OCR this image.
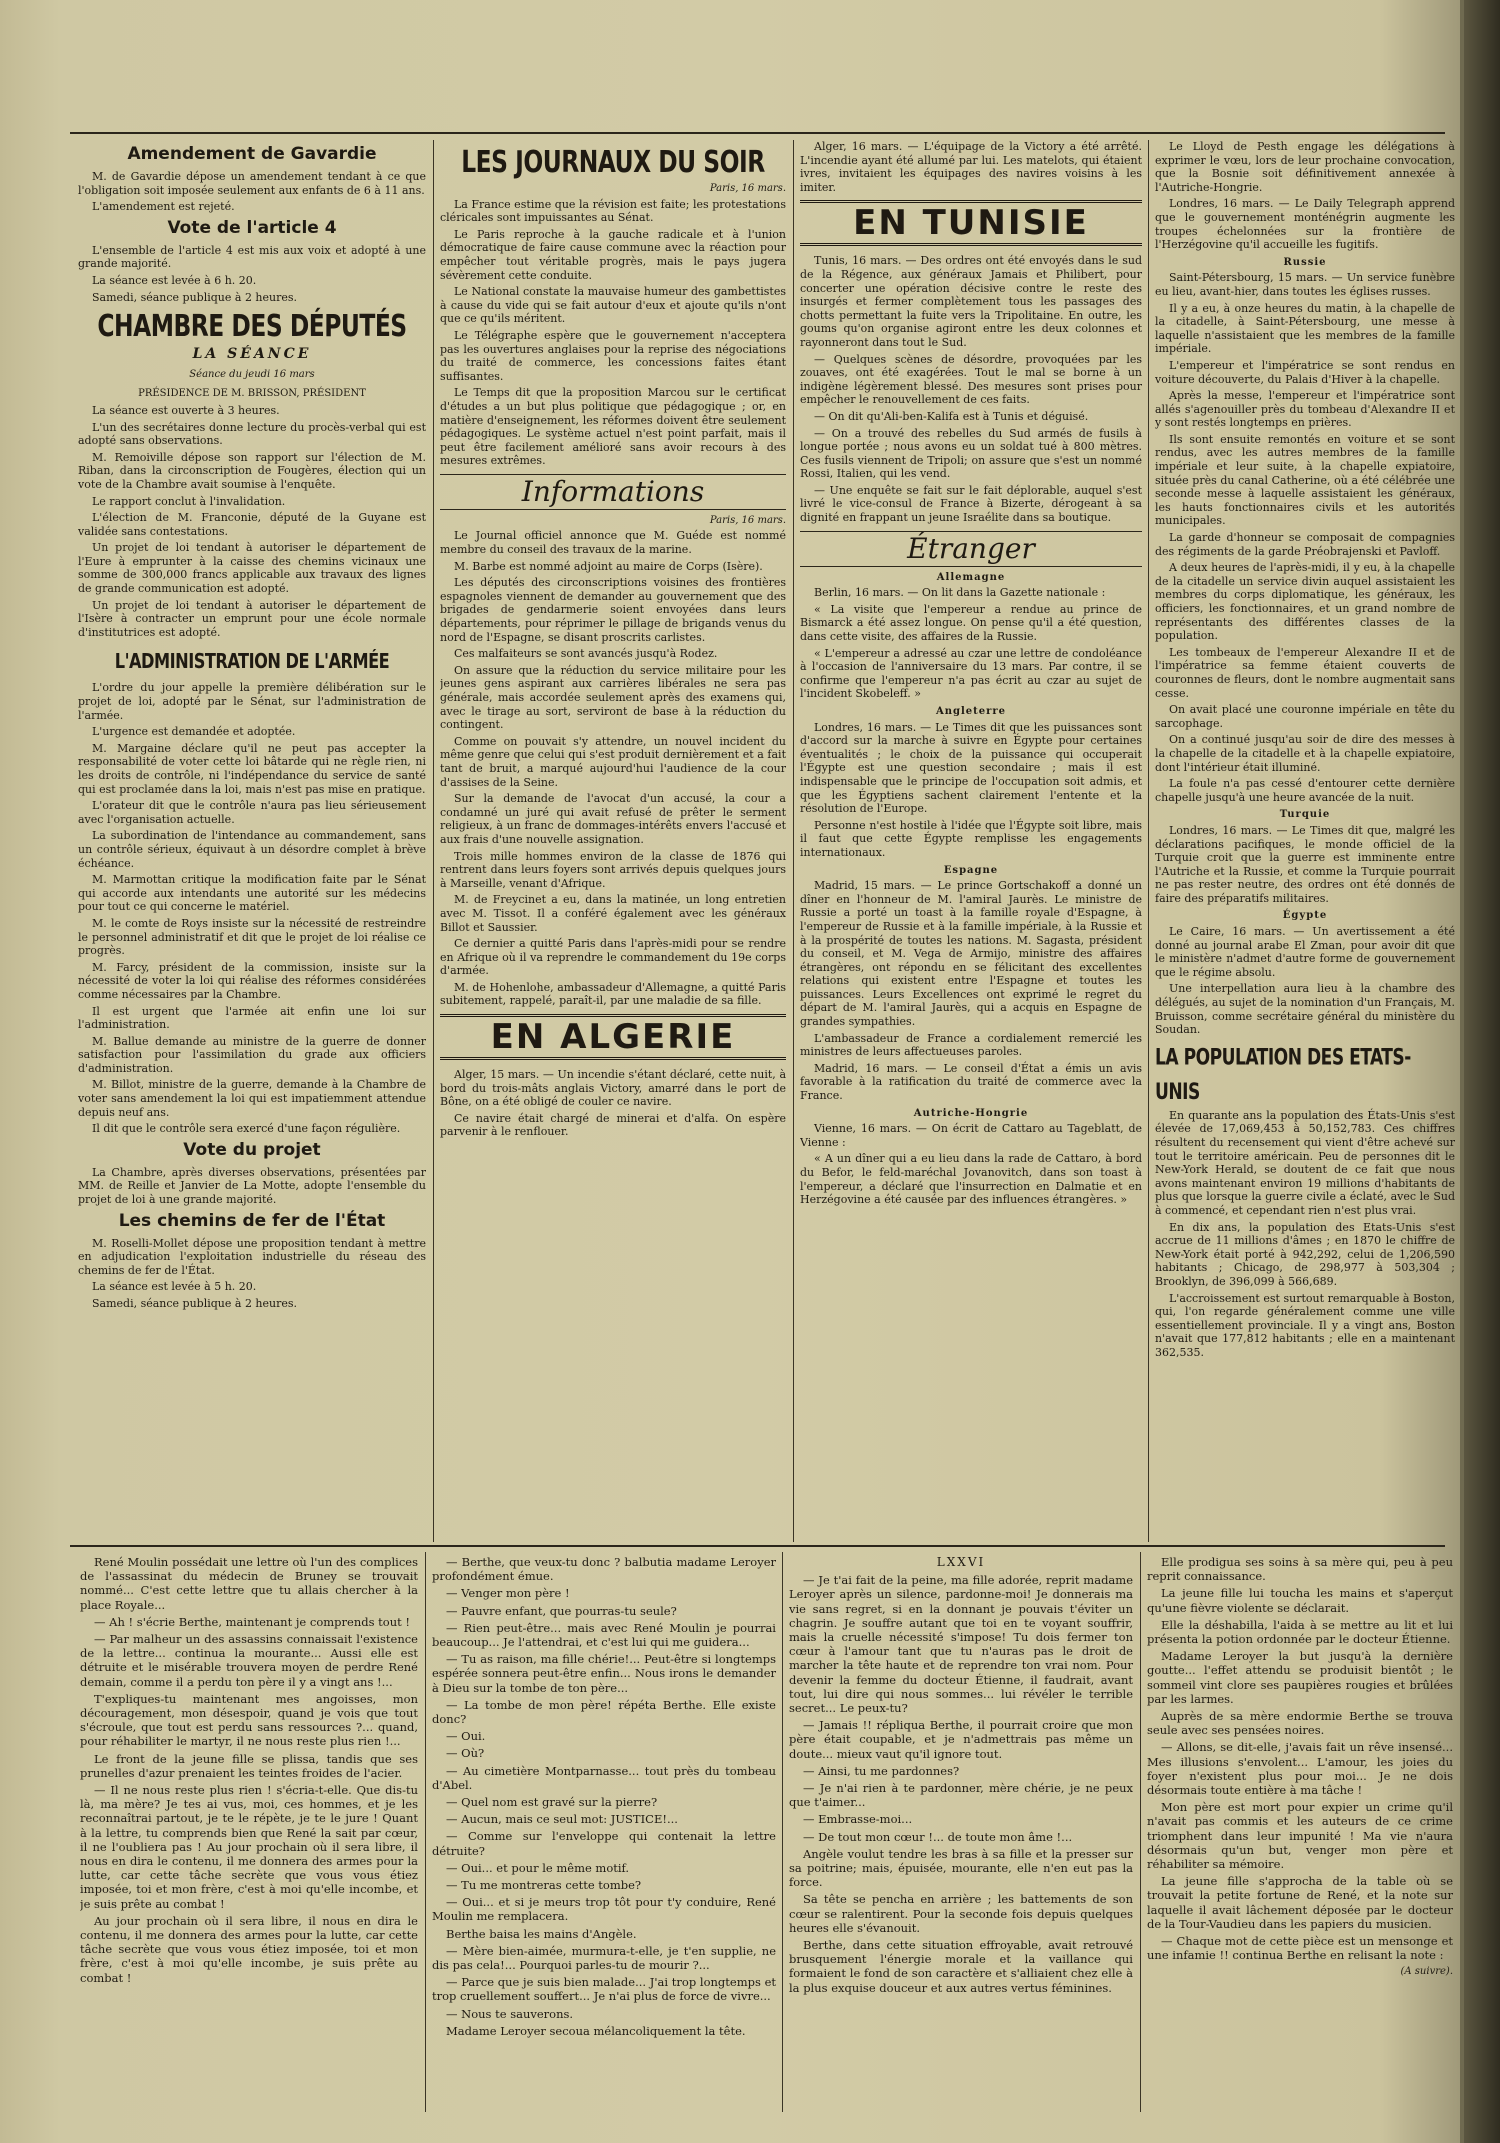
Amendement de Gavardie

M. de Gavardie dépose un amendement tendant à ce que l'obligation soit imposée seulement aux enfants de 6 à 11 ans.

L'amendement est rejeté.

Vote de l'article 4

L'ensemble de l'article 4 est mis aux voix et adopté à une grande majorité.

La séance est levée à 6 h. 20.

Samedi, séance publique à 2 heures.

CHAMBRE DES DÉPUTÉS
LA SÉANCE
Séance du jeudi 16 mars

PRÉSIDENCE DE M. BRISSON, PRÉSIDENT

La séance est ouverte à 3 heures.

L'un des secrétaires donne lecture du procès-verbal qui est adopté sans observations.

M. Remoiville dépose son rapport sur l'élection de M. Riban, dans la circonscription de Fougères, élection qui un vote de la Chambre avait soumise à l'enquête.

Le rapport conclut à l'invalidation.

L'élection de M. Franconie, député de la Guyane est validée sans contestations.

Un projet de loi tendant à autoriser le département de l'Eure à emprunter à la caisse des chemins vicinaux une somme de 300,000 francs applicable aux travaux des lignes de grande communication est adopté.

Un projet de loi tendant à autoriser le département de l'Isère à contracter un emprunt pour une école normale d'institutrices est adopté.

L'ADMINISTRATION DE L'ARMÉE

L'ordre du jour appelle la première délibération sur le projet de loi, adopté par le Sénat, sur l'administration de l'armée.

L'urgence est demandée et adoptée.

M. Margaine déclare qu'il ne peut pas accepter la responsabilité de voter cette loi bâtarde qui ne règle rien, ni les droits de contrôle, ni l'indépendance du service de santé qui est proclamée dans la loi, mais n'est pas mise en pratique.

L'orateur dit que le contrôle n'aura pas lieu sérieusement avec l'organisation actuelle.

La subordination de l'intendance au commandement, sans un contrôle sérieux, équivaut à un désordre complet à brève échéance.

M. Marmottan critique la modification faite par le Sénat qui accorde aux intendants une autorité sur les médecins pour tout ce qui concerne le matériel.

M. le comte de Roys insiste sur la nécessité de restreindre le personnel administratif et dit que le projet de loi réalise ce progrès.

M. Farcy, président de la commission, insiste sur la nécessité de voter la loi qui réalise des réformes considérées comme nécessaires par la Chambre.

Il est urgent que l'armée ait enfin une loi sur l'administration.

M. Ballue demande au ministre de la guerre de donner satisfaction pour l'assimilation du grade aux officiers d'administration.

M. Billot, ministre de la guerre, demande à la Chambre de voter sans amendement la loi qui est impatiemment attendue depuis neuf ans.

Il dit que le contrôle sera exercé d'une façon régulière.

Vote du projet

La Chambre, après diverses observations, présentées par MM. de Reille et Janvier de La Motte, adopte l'ensemble du projet de loi à une grande majorité.

Les chemins de fer de l'État

M. Roselli-Mollet dépose une proposition tendant à mettre en adjudication l'exploitation industrielle du réseau des chemins de fer de l'État.

La séance est levée à 5 h. 20.

Samedi, séance publique à 2 heures.

LES JOURNAUX DU SOIR
Paris, 16 mars.

La France estime que la révision est faite; les protestations cléricales sont impuissantes au Sénat.

Le Paris reproche à la gauche radicale et à l'union démocratique de faire cause commune avec la réaction pour empêcher tout véritable progrès, mais le pays jugera sévèrement cette conduite.

Le National constate la mauvaise humeur des gambettistes à cause du vide qui se fait autour d'eux et ajoute qu'ils n'ont que ce qu'ils méritent.

Le Télégraphe espère que le gouvernement n'acceptera pas les ouvertures anglaises pour la reprise des négociations du traité de commerce, les concessions faites étant suffisantes.

Le Temps dit que la proposition Marcou sur le certificat d'études a un but plus politique que pédagogique ; or, en matière d'enseignement, les réformes doivent être seulement pédagogiques. Le système actuel n'est point parfait, mais il peut être facilement amélioré sans avoir recours à des mesures extrêmes.

Informations
Paris, 16 mars.

Le Journal officiel annonce que M. Guéde est nommé membre du conseil des travaux de la marine.

M. Barbe est nommé adjoint au maire de Corps (Isère).

Les députés des circonscriptions voisines des frontières espagnoles viennent de demander au gouvernement que des brigades de gendarmerie soient envoyées dans leurs départements, pour réprimer le pillage de brigands venus du nord de l'Espagne, se disant proscrits carlistes.

Ces malfaiteurs se sont avancés jusqu'à Rodez.

On assure que la réduction du service militaire pour les jeunes gens aspirant aux carrières libérales ne sera pas générale, mais accordée seulement après des examens qui, avec le tirage au sort, serviront de base à la réduction du contingent.

Comme on pouvait s'y attendre, un nouvel incident du même genre que celui qui s'est produit dernièrement et a fait tant de bruit, a marqué aujourd'hui l'audience de la cour d'assises de la Seine.

Sur la demande de l'avocat d'un accusé, la cour a condamné un juré qui avait refusé de prêter le serment religieux, à un franc de dommages-intérêts envers l'accusé et aux frais d'une nouvelle assignation.

Trois mille hommes environ de la classe de 1876 qui rentrent dans leurs foyers sont arrivés depuis quelques jours à Marseille, venant d'Afrique.

M. de Freycinet a eu, dans la matinée, un long entretien avec M. Tissot. Il a conféré également avec les généraux Billot et Saussier.

Ce dernier a quitté Paris dans l'après-midi pour se rendre en Afrique où il va reprendre le commandement du 19e corps d'armée.

M. de Hohenlohe, ambassadeur d'Allemagne, a quitté Paris subitement, rappelé, paraît-il, par une maladie de sa fille.

EN ALGERIE

Alger, 15 mars. — Un incendie s'étant déclaré, cette nuit, à bord du trois-mâts anglais Victory, amarré dans le port de Bône, on a été obligé de couler ce navire.

Ce navire était chargé de minerai et d'alfa. On espère parvenir à le renflouer.

Alger, 16 mars. — L'équipage de la Victory a été arrêté. L'incendie ayant été allumé par lui. Les matelots, qui étaient ivres, invitaient les équipages des navires voisins à les imiter.

EN TUNISIE

Tunis, 16 mars. — Des ordres ont été envoyés dans le sud de la Régence, aux généraux Jamais et Philibert, pour concerter une opération décisive contre le reste des insurgés et fermer complètement tous les passages des chotts permettant la fuite vers la Tripolitaine. En outre, les goums qu'on organise agiront entre les deux colonnes et rayonneront dans tout le Sud.

— Quelques scènes de désordre, provoquées par les zouaves, ont été exagérées. Tout le mal se borne à un indigène légèrement blessé. Des mesures sont prises pour empêcher le renouvellement de ces faits.

— On dit qu'Ali-ben-Kalifa est à Tunis et déguisé.

— On a trouvé des rebelles du Sud armés de fusils à longue portée ; nous avons eu un soldat tué à 800 mètres. Ces fusils viennent de Tripoli; on assure que s'est un nommé Rossi, Italien, qui les vend.

— Une enquête se fait sur le fait déplorable, auquel s'est livré le vice-consul de France à Bizerte, dérogeant à sa dignité en frappant un jeune Israélite dans sa boutique.

Étranger
Allemagne

Berlin, 16 mars. — On lit dans la Gazette nationale :

« La visite que l'empereur a rendue au prince de Bismarck a été assez longue. On pense qu'il a été question, dans cette visite, des affaires de la Russie.

« L'empereur a adressé au czar une lettre de condoléance à l'occasion de l'anniversaire du 13 mars. Par contre, il se confirme que l'empereur n'a pas écrit au czar au sujet de l'incident Skobeleff. »

Angleterre

Londres, 16 mars. — Le Times dit que les puissances sont d'accord sur la marche à suivre en Égypte pour certaines éventualités ; le choix de la puissance qui occuperait l'Égypte est une question secondaire ; mais il est indispensable que le principe de l'occupation soit admis, et que les Égyptiens sachent clairement l'entente et la résolution de l'Europe.

Personne n'est hostile à l'idée que l'Égypte soit libre, mais il faut que cette Égypte remplisse les engagements internationaux.

Espagne

Madrid, 15 mars. — Le prince Gortschakoff a donné un dîner en l'honneur de M. l'amiral Jaurès. Le ministre de Russie a porté un toast à la famille royale d'Espagne, à l'empereur de Russie et à la famille impériale, à la Russie et à la prospérité de toutes les nations. M. Sagasta, président du conseil, et M. Vega de Armijo, ministre des affaires étrangères, ont répondu en se félicitant des excellentes relations qui existent entre l'Espagne et toutes les puissances. Leurs Excellences ont exprimé le regret du départ de M. l'amiral Jaurès, qui a acquis en Espagne de grandes sympathies.

L'ambassadeur de France a cordialement remercié les ministres de leurs affectueuses paroles.

Madrid, 16 mars. — Le conseil d'État a émis un avis favorable à la ratification du traité de commerce avec la France.

Autriche-Hongrie

Vienne, 16 mars. — On écrit de Cattaro au Tageblatt, de Vienne :

« A un dîner qui a eu lieu dans la rade de Cattaro, à bord du Befor, le feld-maréchal Jovanovitch, dans son toast à l'empereur, a déclaré que l'insurrection en Dalmatie et en Herzégovine a été causée par des influences étrangères. »

Le Lloyd de Pesth engage les délégations à exprimer le vœu, lors de leur prochaine convocation, que la Bosnie soit définitivement annexée à l'Autriche-Hongrie.

Londres, 16 mars. — Le Daily Telegraph apprend que le gouvernement monténégrin augmente les troupes échelonnées sur la frontière de l'Herzégovine qu'il accueille les fugitifs.

Russie

Saint-Pétersbourg, 15 mars. — Un service funèbre eu lieu, avant-hier, dans toutes les églises russes.

Il y a eu, à onze heures du matin, à la chapelle de la citadelle, à Saint-Pétersbourg, une messe à laquelle n'assistaient que les membres de la famille impériale.

L'empereur et l'impératrice se sont rendus en voiture découverte, du Palais d'Hiver à la chapelle.

Après la messe, l'empereur et l'impératrice sont allés s'agenouiller près du tombeau d'Alexandre II et y sont restés longtemps en prières.

Ils sont ensuite remontés en voiture et se sont rendus, avec les autres membres de la famille impériale et leur suite, à la chapelle expiatoire, située près du canal Catherine, où a été célébrée une seconde messe à laquelle assistaient les généraux, les hauts fonctionnaires civils et les autorités municipales.

La garde d'honneur se composait de compagnies des régiments de la garde Préobrajenski et Pavloff.

A deux heures de l'après-midi, il y eu, à la chapelle de la citadelle un service divin auquel assistaient les membres du corps diplomatique, les généraux, les officiers, les fonctionnaires, et un grand nombre de représentants des différentes classes de la population.

Les tombeaux de l'empereur Alexandre II et de l'impératrice sa femme étaient couverts de couronnes de fleurs, dont le nombre augmentait sans cesse.

On avait placé une couronne impériale en tête du sarcophage.

On a continué jusqu'au soir de dire des messes à la chapelle de la citadelle et à la chapelle expiatoire, dont l'intérieur était illuminé.

La foule n'a pas cessé d'entourer cette dernière chapelle jusqu'à une heure avancée de la nuit.

Turquie

Londres, 16 mars. — Le Times dit que, malgré les déclarations pacifiques, le monde officiel de la Turquie croit que la guerre est imminente entre l'Autriche et la Russie, et comme la Turquie pourrait ne pas rester neutre, des ordres ont été donnés de faire des préparatifs militaires.

Égypte

Le Caire, 16 mars. — Un avertissement a été donné au journal arabe El Zman, pour avoir dit que le ministère n'admet d'autre forme de gouvernement que le régime absolu.

Une interpellation aura lieu à la chambre des délégués, au sujet de la nomination d'un Français, M. Bruisson, comme secrétaire général du ministère du Soudan.

LA POPULATION DES ETATS-UNIS

En quarante ans la population des États-Unis s'est élevée de 17,069,453 à 50,152,783. Ces chiffres résultent du recensement qui vient d'être achevé sur tout le territoire américain. Peu de personnes dit le New-York Herald, se doutent de ce fait que nous avons maintenant environ 19 millions d'habitants de plus que lorsque la guerre civile a éclaté, avec le Sud à commencé, et cependant rien n'est plus vrai.

En dix ans, la population des Etats-Unis s'est accrue de 11 millions d'âmes ; en 1870 le chiffre de New-York était porté à 942,292, celui de 1,206,590 habitants ; Chicago, de 298,977 à 503,304 ; Brooklyn, de 396,099 à 566,689.

L'accroissement est surtout remarquable à Boston, qui, l'on regarde généralement comme une ville essentiellement provinciale. Il y a vingt ans, Boston n'avait que 177,812 habitants ; elle en a maintenant 362,535.

René Moulin possédait une lettre où l'un des complices de l'assassinat du médecin de Bruney se trouvait nommé... C'est cette lettre que tu allais chercher à la place Royale...

— Ah ! s'écrie Berthe, maintenant je comprends tout !

— Par malheur un des assassins connaissait l'existence de la lettre... continua la mourante... Aussi elle est détruite et le misérable trouvera moyen de perdre René demain, comme il a perdu ton père il y a vingt ans !...

T'expliques-tu maintenant mes angoisses, mon découragement, mon désespoir, quand je vois que tout s'écroule, que tout est perdu sans ressources ?... quand, pour réhabiliter le martyr, il ne nous reste plus rien !...

Le front de la jeune fille se plissa, tandis que ses prunelles d'azur prenaient les teintes froides de l'acier.

— Il ne nous reste plus rien ! s'écria-t-elle. Que dis-tu là, ma mère? Je tes ai vus, moi, ces hommes, et je les reconnaîtrai partout, je te le répète, je te le jure ! Quant à la lettre, tu comprends bien que René la sait par cœur, il ne l'oubliera pas ! Au jour prochain où il sera libre, il nous en dira le contenu, il me donnera des armes pour la lutte, car cette tâche secrète que vous vous étiez imposée, toi et mon frère, c'est à moi qu'elle incombe, et je suis prête au combat !

Au jour prochain où il sera libre, il nous en dira le contenu, il me donnera des armes pour la lutte, car cette tâche secrète que vous vous étiez imposée, toi et mon frère, c'est à moi qu'elle incombe, je suis prête au combat !

— Berthe, que veux-tu donc ? balbutia madame Leroyer profondément émue.

— Venger mon père !

— Pauvre enfant, que pourras-tu seule?

— Rien peut-être... mais avec René Moulin je pourrai beaucoup... Je l'attendrai, et c'est lui qui me guidera...

— Tu as raison, ma fille chérie!... Peut-être si longtemps espérée sonnera peut-être enfin... Nous irons le demander à Dieu sur la tombe de ton père...

— La tombe de mon père! répéta Berthe. Elle existe donc?

— Oui.

— Où?

— Au cimetière Montparnasse... tout près du tombeau d'Abel.

— Quel nom est gravé sur la pierre?

— Aucun, mais ce seul mot: JUSTICE!...

— Comme sur l'enveloppe qui contenait la lettre détruite?

— Oui... et pour le même motif.

— Tu me montreras cette tombe?

— Oui... et si je meurs trop tôt pour t'y conduire, René Moulin me remplacera.

Berthe baisa les mains d'Angèle.

— Mère bien-aimée, murmura-t-elle, je t'en supplie, ne dis pas cela!... Pourquoi parles-tu de mourir ?...

— Parce que je suis bien malade... J'ai trop longtemps et trop cruellement souffert... Je n'ai plus de force de vivre...

— Nous te sauverons.

Madame Leroyer secoua mélancoliquement la tête.

LXXVI

— Je t'ai fait de la peine, ma fille adorée, reprit madame Leroyer après un silence, pardonne-moi! Je donnerais ma vie sans regret, si en la donnant je pouvais t'éviter un chagrin. Je souffre autant que toi en te voyant souffrir, mais la cruelle nécessité s'impose! Tu dois fermer ton cœur à l'amour tant que tu n'auras pas le droit de marcher la tête haute et de reprendre ton vrai nom. Pour devenir la femme du docteur Étienne, il faudrait, avant tout, lui dire qui nous sommes... lui révéler le terrible secret... Le peux-tu?

— Jamais !! répliqua Berthe, il pourrait croire que mon père était coupable, et je n'admettrais pas même un doute... mieux vaut qu'il ignore tout.

— Ainsi, tu me pardonnes?

— Je n'ai rien à te pardonner, mère chérie, je ne peux que t'aimer...

— Embrasse-moi...

— De tout mon cœur !... de toute mon âme !...

Angèle voulut tendre les bras à sa fille et la presser sur sa poitrine; mais, épuisée, mourante, elle n'en eut pas la force.

Sa tête se pencha en arrière ; les battements de son cœur se ralentirent. Pour la seconde fois depuis quelques heures elle s'évanouit.

Berthe, dans cette situation effroyable, avait retrouvé brusquement l'énergie morale et la vaillance qui formaient le fond de son caractère et s'alliaient chez elle à la plus exquise douceur et aux autres vertus féminines.

Elle prodigua ses soins à sa mère qui, peu à peu reprit connaissance.

La jeune fille lui toucha les mains et s'aperçut qu'une fièvre violente se déclarait.

Elle la déshabilla, l'aida à se mettre au lit et lui présenta la potion ordonnée par le docteur Étienne.

Madame Leroyer la but jusqu'à la dernière goutte... l'effet attendu se produisit bientôt ; le sommeil vint clore ses paupières rougies et brûlées par les larmes.

Auprès de sa mère endormie Berthe se trouva seule avec ses pensées noires.

— Allons, se dit-elle, j'avais fait un rêve insensé... Mes illusions s'envolent... L'amour, les joies du foyer n'existent plus pour moi... Je ne dois désormais toute entière à ma tâche !

Mon père est mort pour expier un crime qu'il n'avait pas commis et les auteurs de ce crime triomphent dans leur impunité ! Ma vie n'aura désormais qu'un but, venger mon père et réhabiliter sa mémoire.

La jeune fille s'approcha de la table où se trouvait la petite fortune de René, et la note sur laquelle il avait lâchement déposée par le docteur de la Tour-Vaudieu dans les papiers du musicien.

— Chaque mot de cette pièce est un mensonge et une infamie !! continua Berthe en relisant la note :

(A suivre).
